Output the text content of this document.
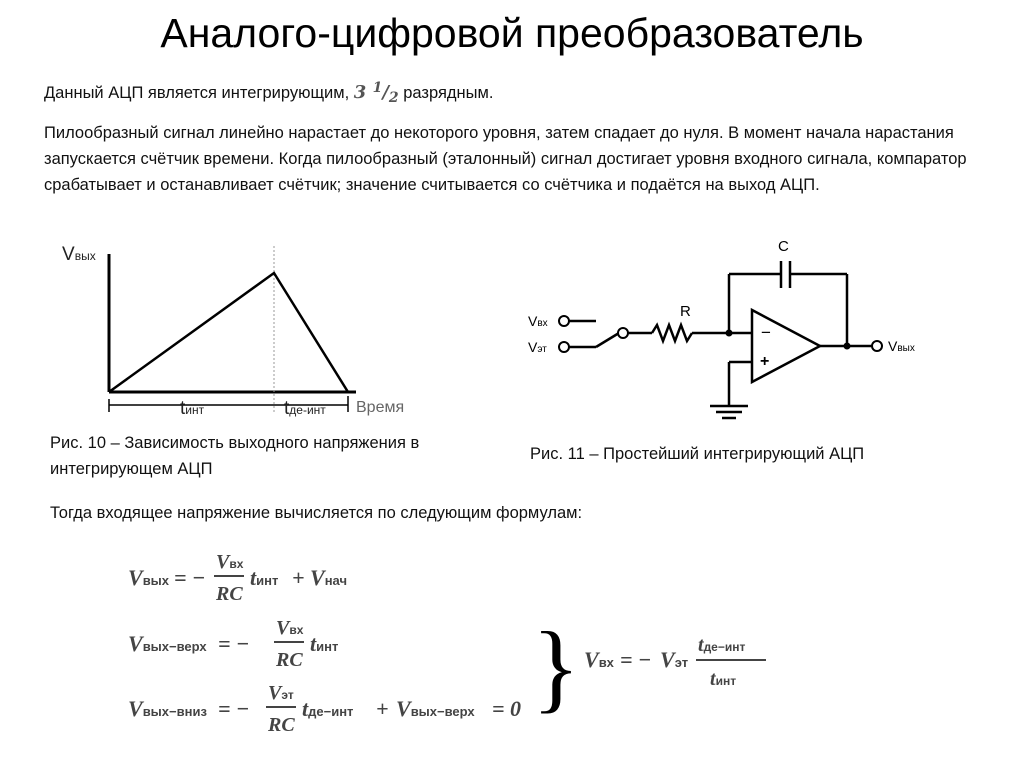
Аналого-цифровой преобразователь
Данный АЦП является интегрирующим, 3 $^1/_2$ разрядным.
Пилообразный сигнал линейно нарастает до некоторого уровня, затем спадает до нуля. В момент начала нарастания запускается счётчик времени. Когда пилообразный (эталонный) сигнал достигает уровня входного сигнала, компаратор срабатывает и останавливает счётчик; значение считывается со счётчика и подаётся на выход АЦП.
Vвых
tинт	tде-инт Время
C
R
−
+
Vвх
Vэт	Vвых
Рис. 10 – Зависимость выходного напряжения в интегрирующем АЦП
Рис. 11 – Простейший интегрирующий АЦП
Тогда входящее напряжение вычисляется по следующим формулам:
Vвых = −
Vвх
RC
tинт + Vнач
Vвых−верх = −
Vвх
RC
tинт
Vвых−вниз = −
Vэт
RC
tде−инт + Vвых−верх = 0 } Vвх = − Vэт
tде−инт
tинт
